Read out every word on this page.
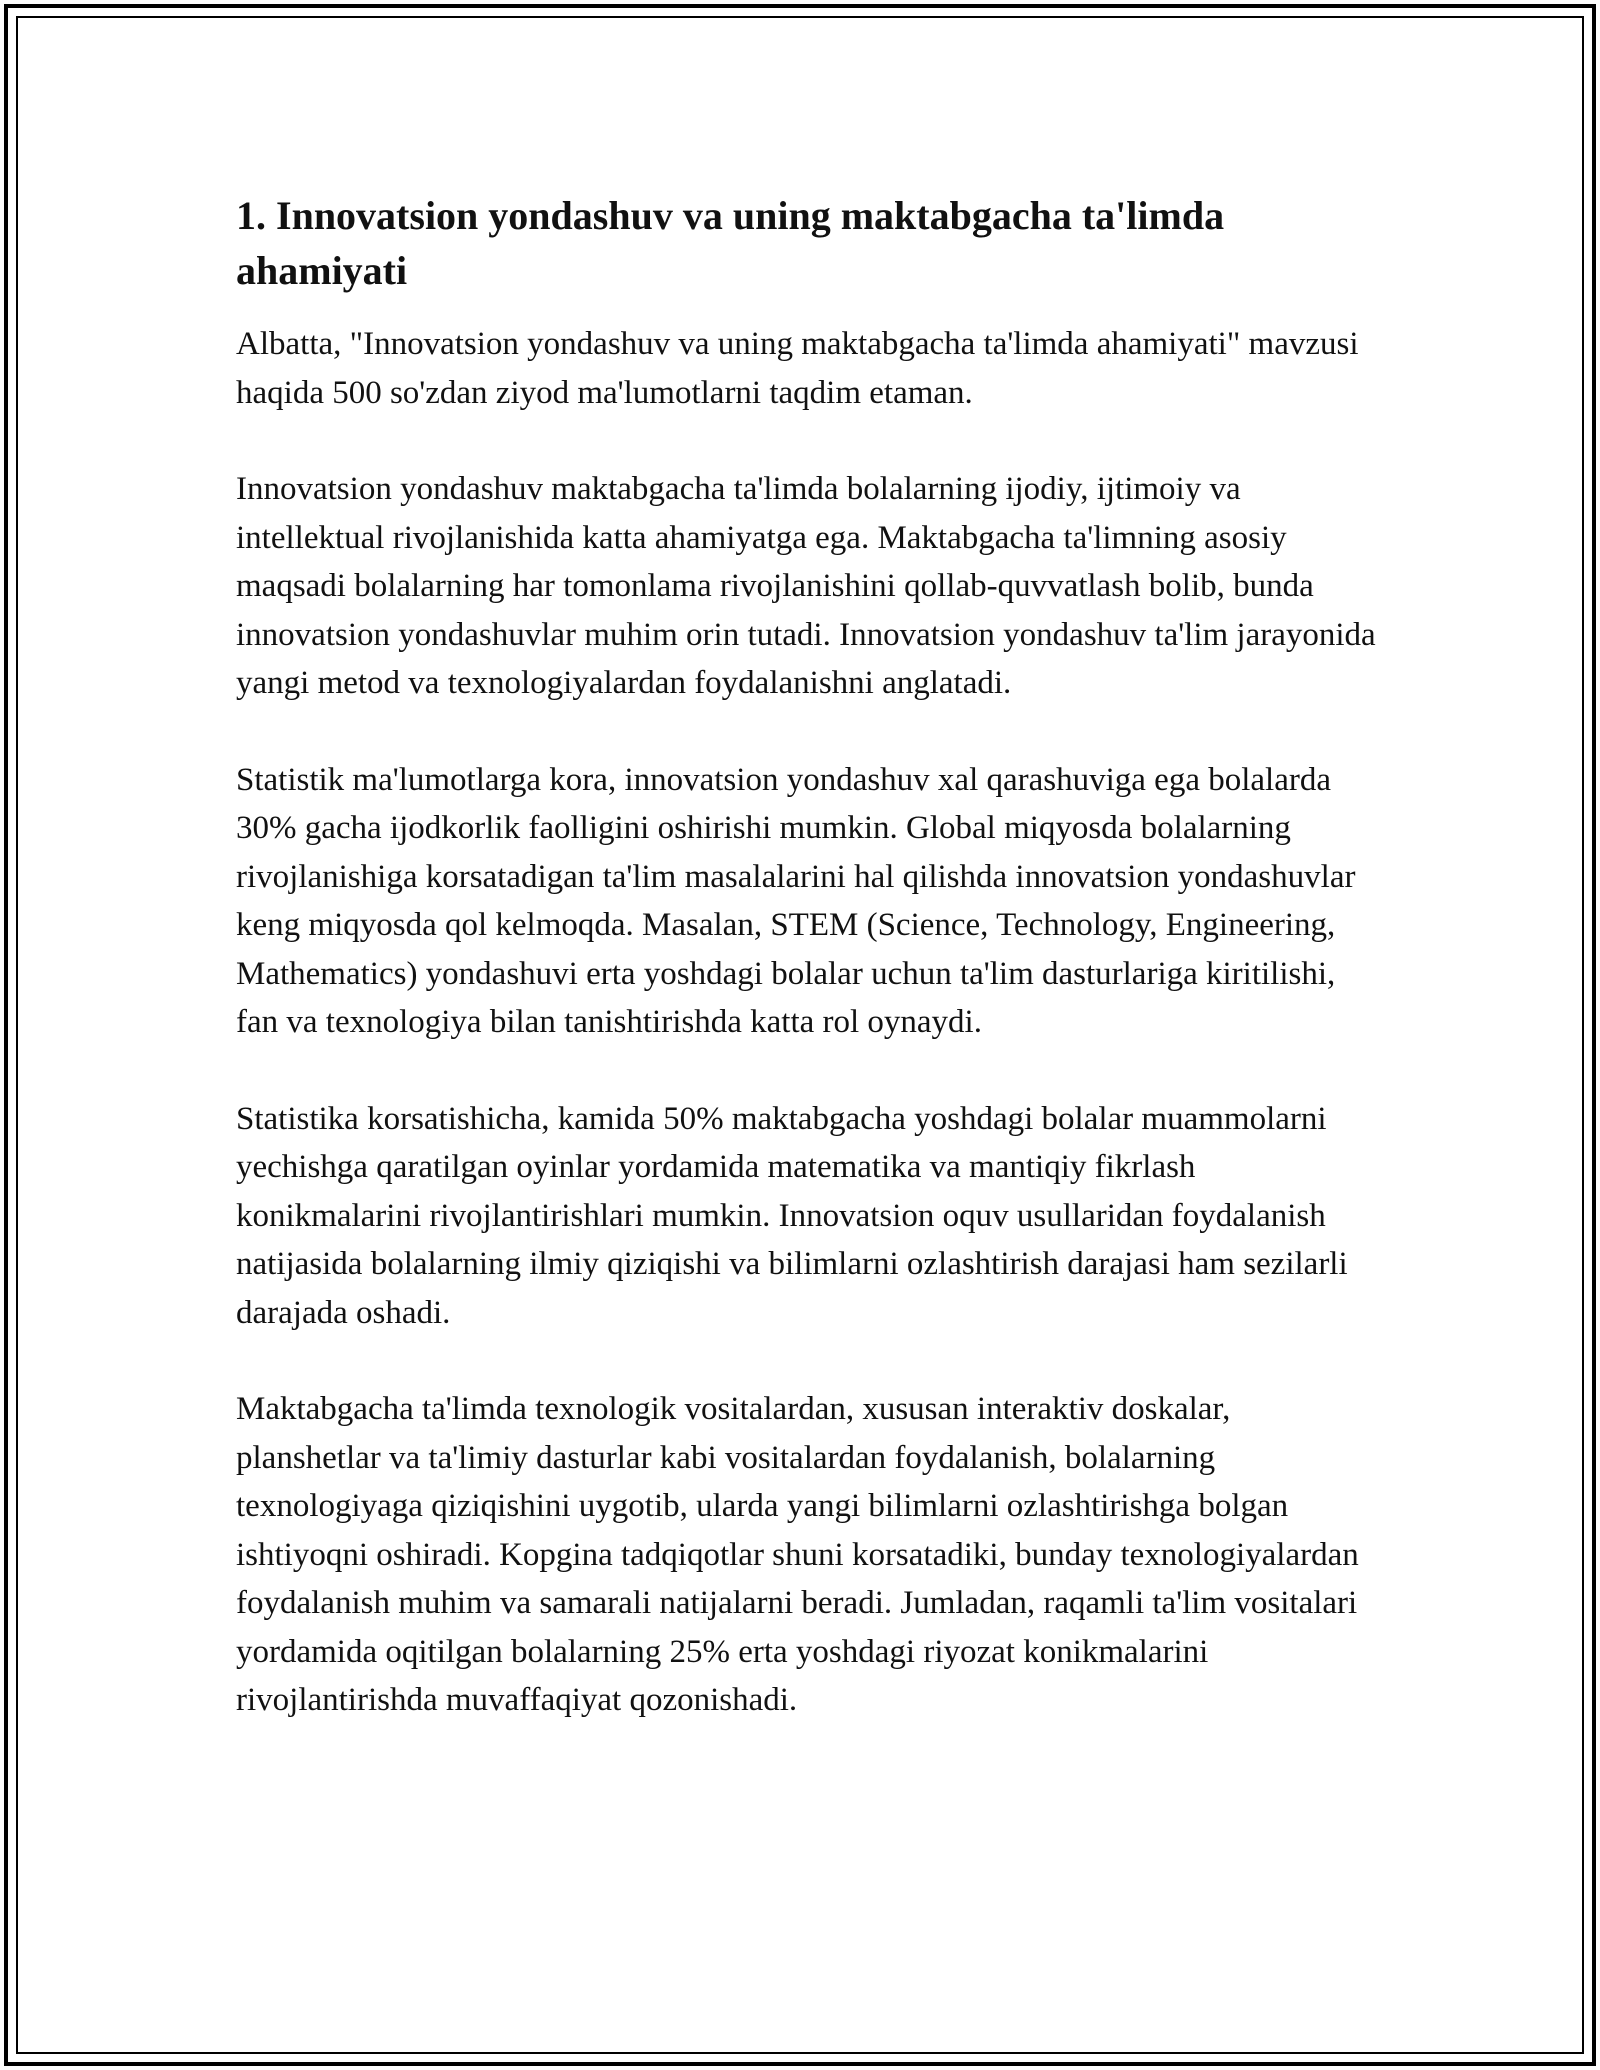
1. Innovatsion yondashuv va uning maktabgacha ta'limda ahamiyati

Albatta, "Innovatsion yondashuv va uning maktabgacha ta'limda ahamiyati" mavzusi haqida 500 so'zdan ziyod ma'lumotlarni taqdim etaman.

Innovatsion yondashuv maktabgacha ta'limda bolalarning ijodiy, ijtimoiy va intellektual rivojlanishida katta ahamiyatga ega. Maktabgacha ta'limning asosiy maqsadi bolalarning har tomonlama rivojlanishini qollab-quvvatlash bolib, bunda innovatsion yondashuvlar muhim orin tutadi. Innovatsion yondashuv ta'lim jarayonida yangi metod va texnologiyalardan foydalanishni anglatadi.

Statistik ma'lumotlarga kora, innovatsion yondashuv xal qarashuviga ega bolalarda 30% gacha ijodkorlik faolligini oshirishi mumkin. Global miqyosda bolalarning rivojlanishiga korsatadigan ta'lim masalalarini hal qilishda innovatsion yondashuvlar keng miqyosda qol kelmoqda. Masalan, STEM (Science, Technology, Engineering, Mathematics) yondashuvi erta yoshdagi bolalar uchun ta'lim dasturlariga kiritilishi, fan va texnologiya bilan tanishtirishda katta rol oynaydi.

Statistika korsatishicha, kamida 50% maktabgacha yoshdagi bolalar muammolarni yechishga qaratilgan oyinlar yordamida matematika va mantiqiy fikrlash konikmalarini rivojlantirishlari mumkin. Innovatsion oquv usullaridan foydalanish natijasida bolalarning ilmiy qiziqishi va bilimlarni ozlashtirish darajasi ham sezilarli darajada oshadi.

Maktabgacha ta'limda texnologik vositalardan, xususan interaktiv doskalar, planshetlar va ta'limiy dasturlar kabi vositalardan foydalanish, bolalarning texnologiyaga qiziqishini uygotib, ularda yangi bilimlarni ozlashtirishga bolgan ishtiyoqni oshiradi. Kopgina tadqiqotlar shuni korsatadiki, bunday texnologiyalardan foydalanish muhim va samarali natijalarni beradi. Jumladan, raqamli ta'lim vositalari yordamida oqitilgan bolalarning 25% erta yoshdagi riyozat konikmalarini rivojlantirishda muvaffaqiyat qozonishadi.
